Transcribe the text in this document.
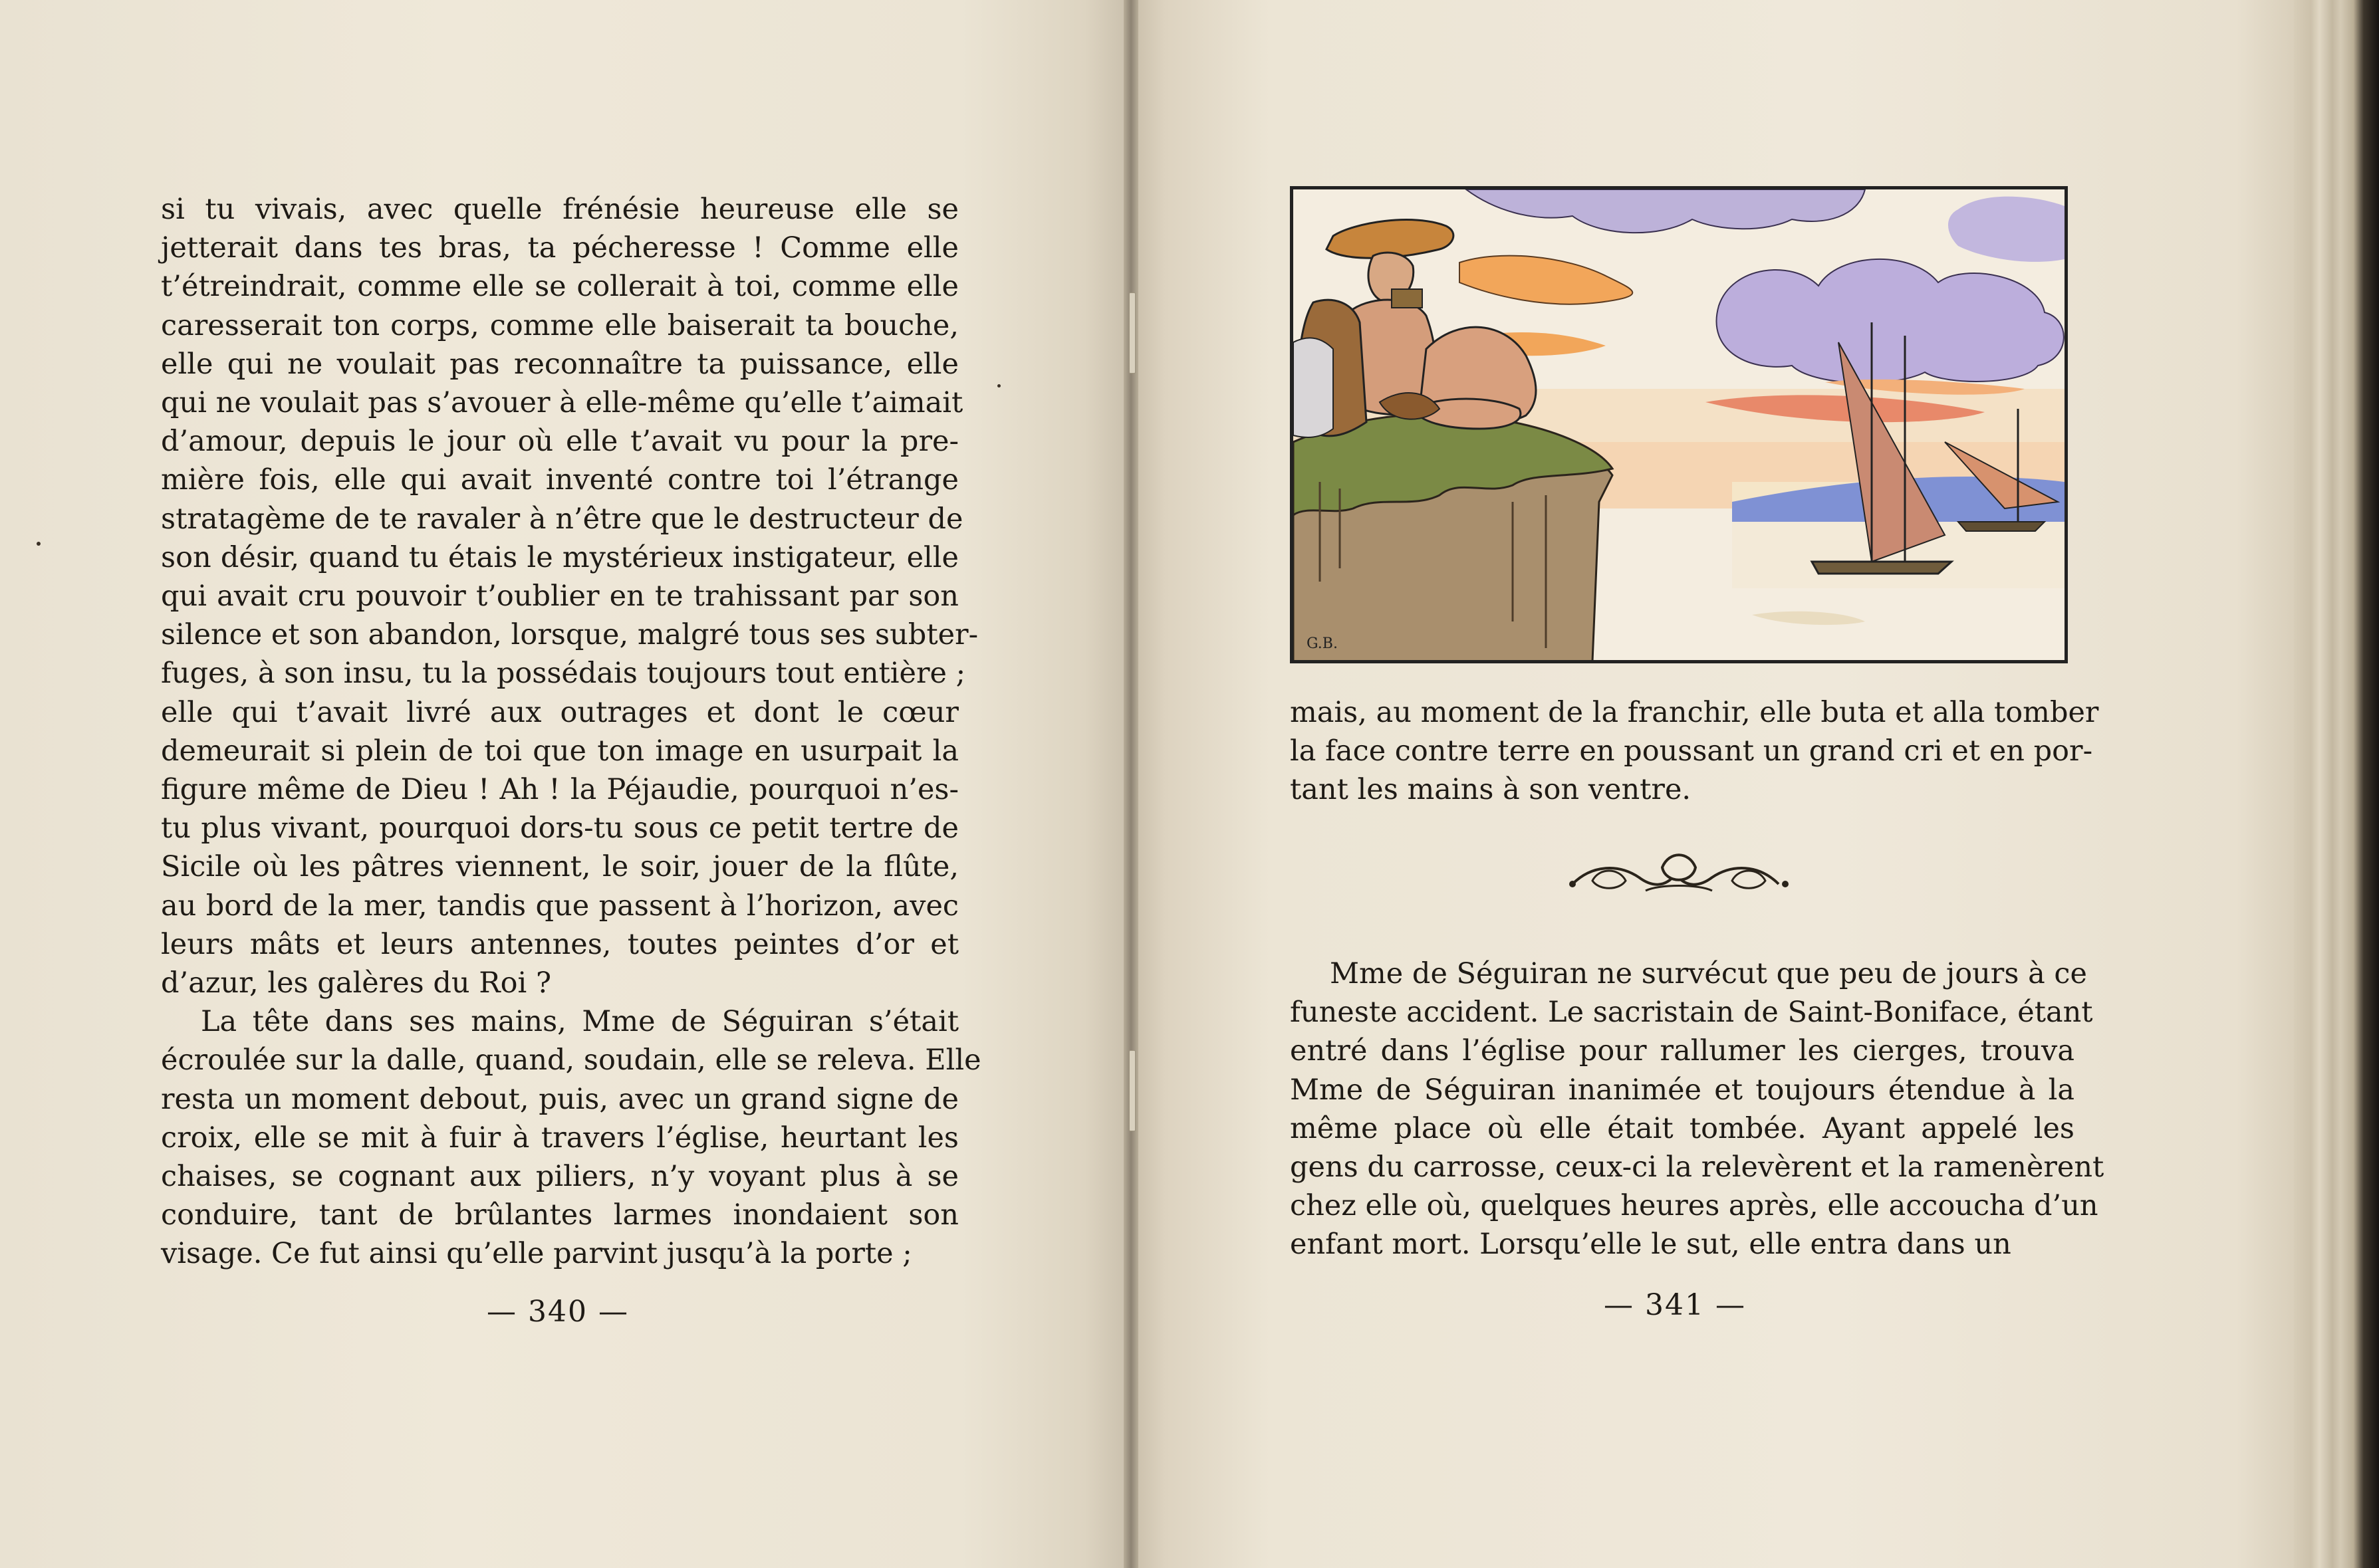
si tu vivais, avec quelle frénésie heureuse elle se
jetterait dans tes bras, ta pécheresse ! Comme elle
t’étreindrait, comme elle se collerait à toi, comme elle
caresserait ton corps, comme elle baiserait ta bouche,
elle qui ne voulait pas reconnaître ta puissance, elle
qui ne voulait pas s’avouer à elle-même qu’elle t’aimait
d’amour, depuis le jour où elle t’avait vu pour la pre-
mière fois, elle qui avait inventé contre toi l’étrange
stratagème de te ravaler à n’être que le destructeur de
son désir, quand tu étais le mystérieux instigateur, elle
qui avait cru pouvoir t’oublier en te trahissant par son
silence et son abandon, lorsque, malgré tous ses subter-
fuges, à son insu, tu la possédais toujours tout entière ;
elle qui t’avait livré aux outrages et dont le cœur
demeurait si plein de toi que ton image en usurpait la
figure même de Dieu ! Ah ! la Péjaudie, pourquoi n’es-
tu plus vivant, pourquoi dors-tu sous ce petit tertre de
Sicile où les pâtres viennent, le soir, jouer de la flûte,
au bord de la mer, tandis que passent à l’horizon, avec
leurs mâts et leurs antennes, toutes peintes d’or et
d’azur, les galères du Roi ?

La tête dans ses mains, Mme de Séguiran s’était
écroulée sur la dalle, quand, soudain, elle se releva. Elle
resta un moment debout, puis, avec un grand signe de
croix, elle se mit à fuir à travers l’église, heurtant les
chaises, se cognant aux piliers, n’y voyant plus à se
conduire, tant de brûlantes larmes inondaient son
visage. Ce fut ainsi qu’elle parvint jusqu’à la porte ;

— 340 —
G.B.

mais, au moment de la franchir, elle buta et alla tomber
la face contre terre en poussant un grand cri et en por-
tant les mains à son ventre.

Mme de Séguiran ne survécut que peu de jours à ce
funeste accident. Le sacristain de Saint-Boniface, étant
entré dans l’église pour rallumer les cierges, trouva
Mme de Séguiran inanimée et toujours étendue à la
même place où elle était tombée. Ayant appelé les
gens du carrosse, ceux-ci la relevèrent et la ramenèrent
chez elle où, quelques heures après, elle accoucha d’un
enfant mort. Lorsqu’elle le sut, elle entra dans un

— 341 —
